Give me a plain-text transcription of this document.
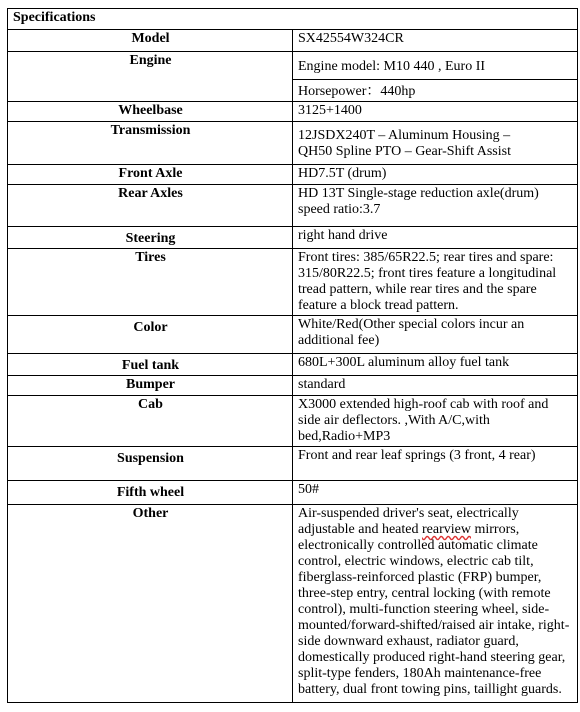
Specifications	
Model	SX42554W324CR
Engine	Engine model: M10 440 , Euro II
	Horsepower：440hp
Wheelbase	3125+1400
Transmission	12JSDX240T – Aluminum Housing –
QH50 Spline PTO – Gear-Shift Assist

Front Axle	HD7.5T (drum)
Rear Axles	HD 13T Single-stage reduction axle(drum) speed ratio:3.7
Steering	right hand drive
Tires	Front tires: 385/65R22.5; rear tires and spare: 315/80R22.5; front tires feature a longitudinal tread pattern, while rear tires and the spare feature a block tread pattern.
Color	White/Red(Other special colors incur an additional fee)
Fuel tank	680L+300L aluminum alloy fuel tank
Bumper	standard
Cab	X3000 extended high-roof cab with roof and side air deflectors. ,With A/C,with bed,Radio+MP3
Suspension	Front and rear leaf springs (3 front, 4 rear)
Fifth wheel	50#
Other	Air-suspended driver's seat, electrically adjustable and heated rearview mirrors, electronically controlled automatic climate control, electric windows, electric cab tilt, fiberglass-reinforced plastic (FRP) bumper, three-step entry, central locking (with remote control), multi-function steering wheel, side-mounted/forward-shifted/raised air intake, right-side downward exhaust, radiator guard, domestically produced right-hand steering gear, split-type fenders, 180Ah maintenance-free battery, dual front towing pins, taillight guards.
